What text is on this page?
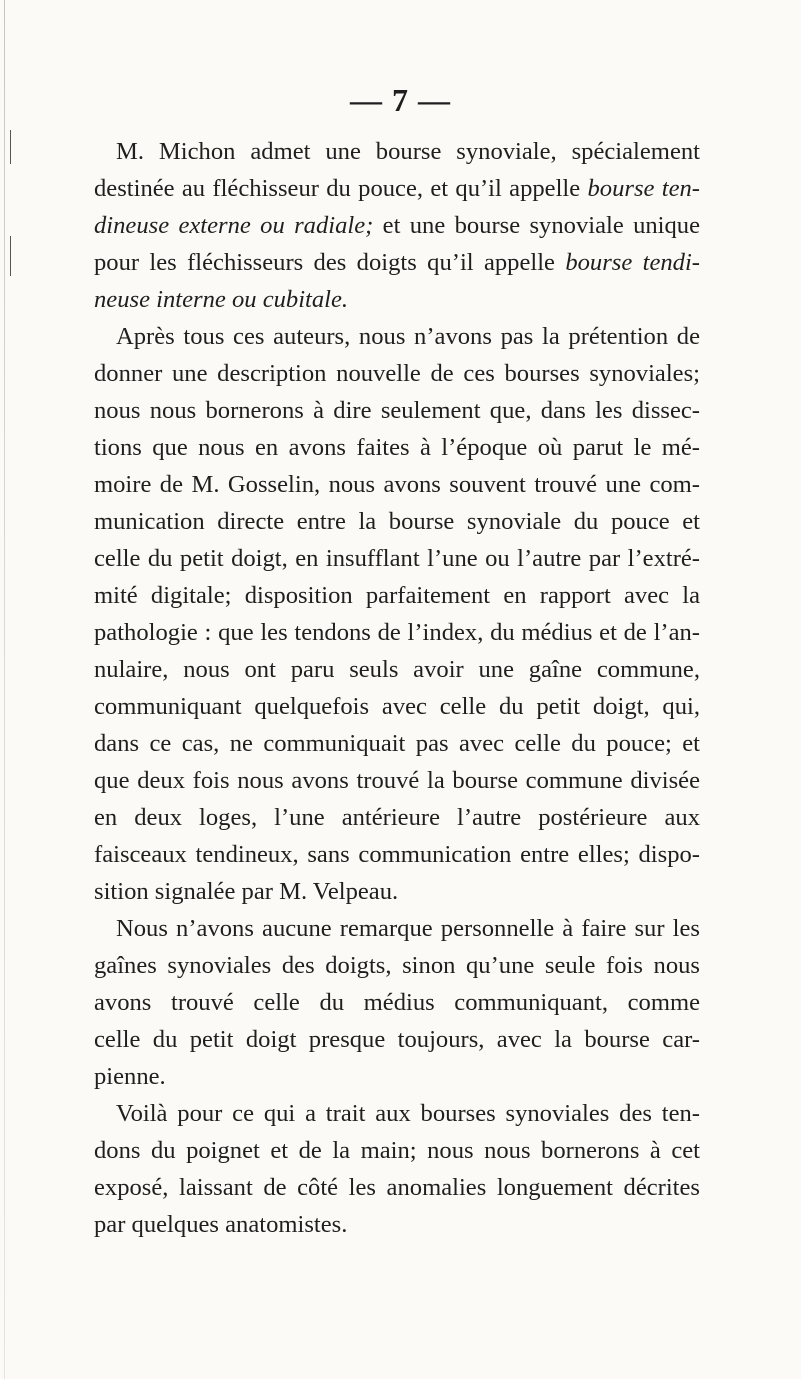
— 7 —
M. Michon admet une bourse synoviale, spécialement
destinée au fléchisseur du pouce, et qu’il appelle bourse ten-
dineuse externe ou radiale; et une bourse synoviale unique
pour les fléchisseurs des doigts qu’il appelle bourse tendi-
neuse interne ou cubitale.
Après tous ces auteurs, nous n’avons pas la prétention de
donner une description nouvelle de ces bourses synoviales;
nous nous bornerons à dire seulement que, dans les dissec-
tions que nous en avons faites à l’époque où parut le mé-
moire de M. Gosselin, nous avons souvent trouvé une com-
munication directe entre la bourse synoviale du pouce et
celle du petit doigt, en insufflant l’une ou l’autre par l’extré-
mité digitale; disposition parfaitement en rapport avec la
pathologie : que les tendons de l’index, du médius et de l’an-
nulaire, nous ont paru seuls avoir une gaîne commune,
communiquant quelquefois avec celle du petit doigt, qui,
dans ce cas, ne communiquait pas avec celle du pouce; et
que deux fois nous avons trouvé la bourse commune divisée
en deux loges, l’une antérieure l’autre postérieure aux
faisceaux tendineux, sans communication entre elles; dispo-
sition signalée par M. Velpeau.
Nous n’avons aucune remarque personnelle à faire sur les
gaînes synoviales des doigts, sinon qu’une seule fois nous
avons trouvé celle du médius communiquant, comme
celle du petit doigt presque toujours, avec la bourse car-
pienne.
Voilà pour ce qui a trait aux bourses synoviales des ten-
dons du poignet et de la main; nous nous bornerons à cet
exposé, laissant de côté les anomalies longuement décrites
par quelques anatomistes.
